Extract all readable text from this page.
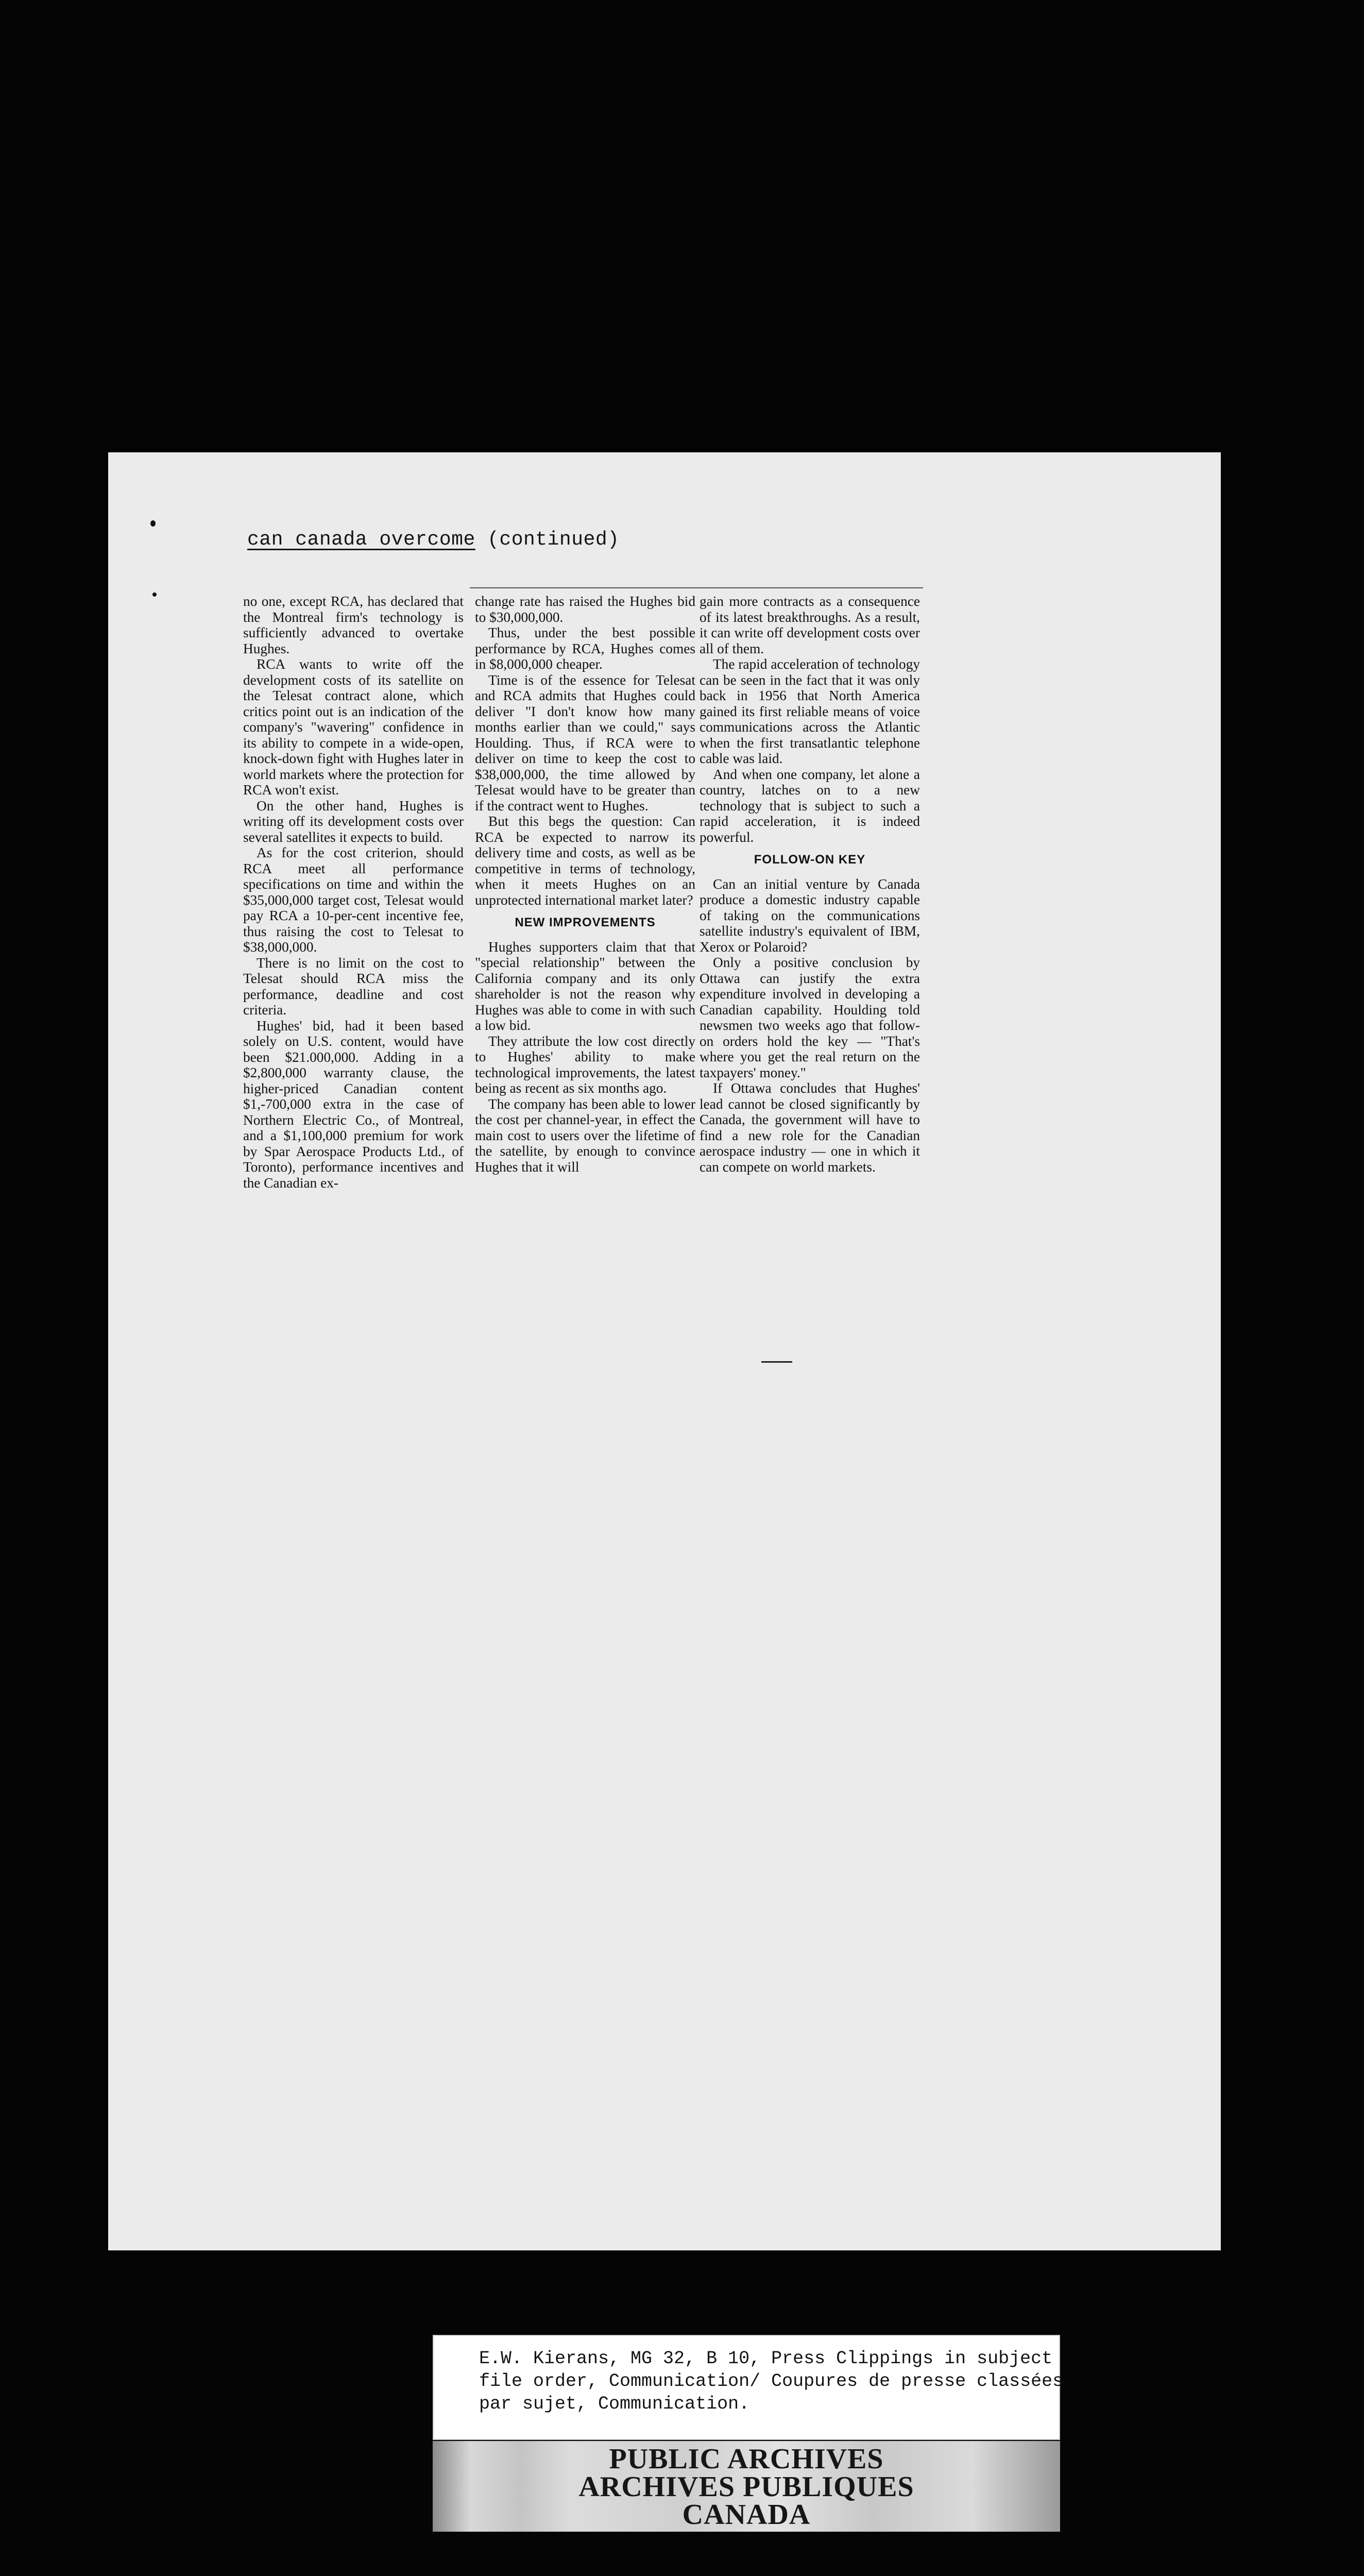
can canada overcome (continued)

no one, except RCA, has declared that the Montreal firm's technology is sufficiently advanced to overtake Hughes.

RCA wants to write off the development costs of its satellite on the Telesat contract alone, which critics point out is an indication of the company's "wavering" confidence in its ability to compete in a wide-open, knock-down fight with Hughes later in world markets where the protection for RCA won't exist.

On the other hand, Hughes is writing off its development costs over several satellites it expects to build.

As for the cost criterion, should RCA meet all performance specifications on time and within the $35,000,000 target cost, Telesat would pay RCA a 10-per-cent incentive fee, thus raising the cost to Telesat to $38,000,000.

There is no limit on the cost to Telesat should RCA miss the performance, deadline and cost criteria.

Hughes' bid, had it been based solely on U.S. content, would have been $21.000,000. Adding in a $2,800,000 warranty clause, the higher-priced Canadian content $1,-700,000 extra in the case of Northern Electric Co., of Montreal, and a $1,100,000 premium for work by Spar Aerospace Products Ltd., of Toronto), performance incentives and the Canadian ex-

change rate has raised the Hughes bid to $30,000,000.

Thus, under the best possible performance by RCA, Hughes comes in $8,000,000 cheaper.

Time is of the essence for Telesat and RCA admits that Hughes could deliver "I don't know how many months earlier than we could," says Houlding. Thus, if RCA were to deliver on time to keep the cost to $38,000,000, the time allowed by Telesat would have to be greater than if the contract went to Hughes.

But this begs the question: Can RCA be expected to narrow its delivery time and costs, as well as be competitive in terms of technology, when it meets Hughes on an unprotected international market later?

NEW IMPROVEMENTS

Hughes supporters claim that that "special relationship" between the California company and its only shareholder is not the reason why Hughes was able to come in with such a low bid.

They attribute the low cost directly to Hughes' ability to make technological improvements, the latest being as recent as six months ago.

The company has been able to lower the cost per channel-year, in effect the main cost to users over the lifetime of the satellite, by enough to convince Hughes that it will

gain more contracts as a consequence of its latest breakthroughs. As a result, it can write off development costs over all of them.

The rapid acceleration of technology can be seen in the fact that it was only back in 1956 that North America gained its first reliable means of voice communications across the Atlantic when the first transatlantic telephone cable was laid.

And when one company, let alone a country, latches on to a new technology that is subject to such a rapid acceleration, it is indeed powerful.

FOLLOW-ON KEY

Can an initial venture by Canada produce a domestic industry capable of taking on the communications satellite industry's equivalent of IBM, Xerox or Polaroid?

Only a positive conclusion by Ottawa can justify the extra expenditure involved in developing a Canadian capability. Houlding told newsmen two weeks ago that follow-on orders hold the key — "That's where you get the real return on the taxpayers' money."

If Ottawa concludes that Hughes' lead cannot be closed significantly by Canada, the government will have to find a new role for the Canadian aerospace industry — one in which it can compete on world markets.

E.W. Kierans, MG 32, B 10, Press Clippings in subject
file order, Communication/ Coupures de presse classées
par sujet, Communication.
PUBLIC ARCHIVES
ARCHIVES PUBLIQUES
CANADA
